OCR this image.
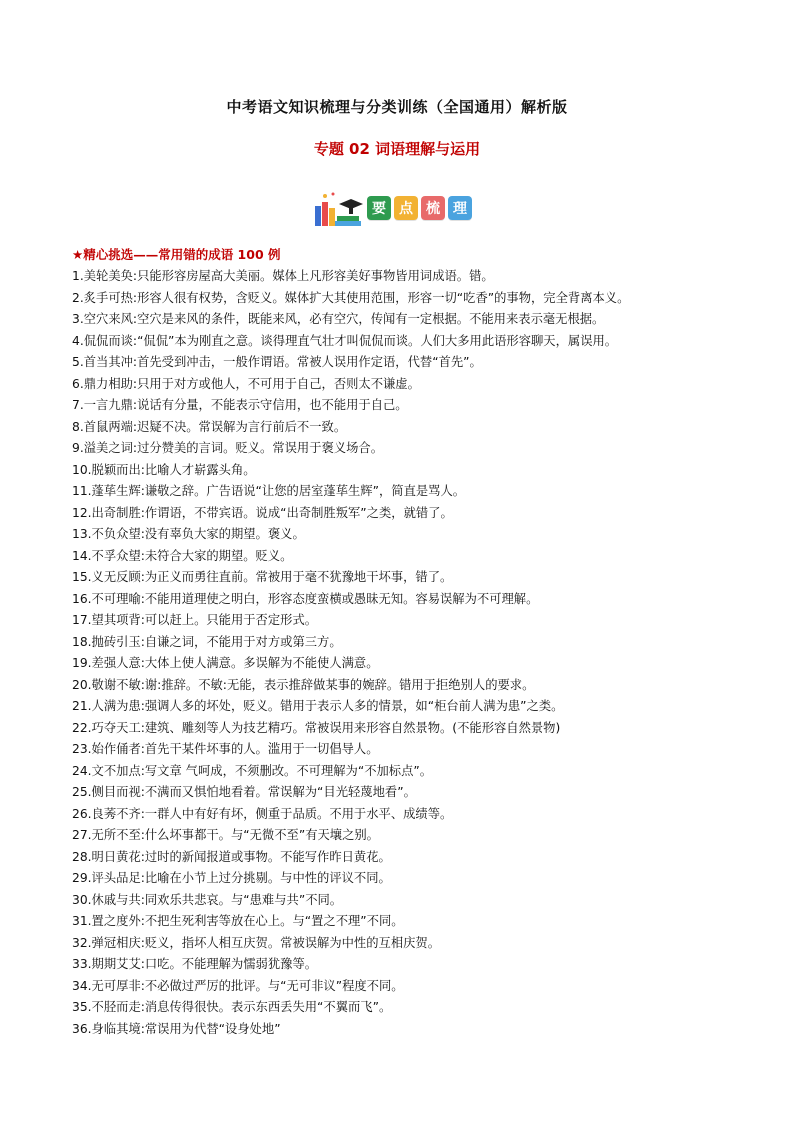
中考语文知识梳理与分类训练（全国通用）解析版
专题 02 词语理解与运用
要 点 梳 理
★精心挑选——常用错的成语 100 例
1.美轮美奂:只能形容房屋高大美丽。媒体上凡形容美好事物皆用词成语。错。
2.炙手可热:形容人很有权势，含贬义。媒体扩大其使用范围，形容一切“吃香”的事物，完全背离本义。
3.空穴来风:空穴是来风的条件，既能来风，必有空穴，传闻有一定根据。不能用来表示毫无根据。
4.侃侃而谈:“侃侃”本为刚直之意。谈得理直气壮才叫侃侃而谈。人们大多用此语形容聊天，属误用。
5.首当其冲:首先受到冲击，一般作谓语。常被人误用作定语，代替“首先”。
6.鼎力相助:只用于对方或他人，不可用于自己，否则太不谦虚。
7.一言九鼎:说话有分量，不能表示守信用，也不能用于自己。
8.首鼠两端:迟疑不决。常误解为言行前后不一致。
9.溢美之词:过分赞美的言词。贬义。常误用于褒义场合。
10.脱颖而出:比喻人才崭露头角。
11.蓬荜生辉:谦敬之辞。广告语说“让您的居室蓬荜生辉”，简直是骂人。
12.出奇制胜:作谓语，不带宾语。说成“出奇制胜叛军”之类，就错了。
13.不负众望:没有辜负大家的期望。褒义。
14.不孚众望:未符合大家的期望。贬义。
15.义无反顾:为正义而勇往直前。常被用于毫不犹豫地干坏事，错了。
16.不可理喻:不能用道理使之明白，形容态度蛮横或愚昧无知。容易误解为不可理解。
17.望其项背:可以赶上。只能用于否定形式。
18.抛砖引玉:自谦之词，不能用于对方或第三方。
19.差强人意:大体上使人满意。多误解为不能使人满意。
20.敬谢不敏:谢:推辞。不敏:无能，表示推辞做某事的婉辞。错用于拒绝别人的要求。
21.人满为患:强调人多的坏处，贬义。错用于表示人多的情景，如“柜台前人满为患”之类。
22.巧夺天工:建筑、雕刻等人为技艺精巧。常被误用来形容自然景物。(不能形容自然景物)
23.始作俑者:首先干某件坏事的人。滥用于一切倡导人。
24.文不加点:写文章 气呵成，不须删改。不可理解为“不加标点”。
25.侧目而视:不满而又惧怕地看着。常误解为“目光轻蔑地看”。
26.良莠不齐:一群人中有好有坏，侧重于品质。不用于水平、成绩等。
27.无所不至:什么坏事都干。与“无微不至”有天壤之别。
28.明日黄花:过时的新闻报道或事物。不能写作昨日黄花。
29.评头品足:比喻在小节上过分挑剔。与中性的评议不同。
30.休戚与共:同欢乐共悲哀。与“患难与共”不同。
31.置之度外:不把生死利害等放在心上。与“置之不理”不同。
32.弹冠相庆:贬义，指坏人相互庆贺。常被误解为中性的互相庆贺。
33.期期艾艾:口吃。不能理解为懦弱犹豫等。
34.无可厚非:不必做过严厉的批评。与“无可非议”程度不同。
35.不胫而走:消息传得很快。表示东西丢失用“不翼而飞”。
36.身临其境:常误用为代替“设身处地”
